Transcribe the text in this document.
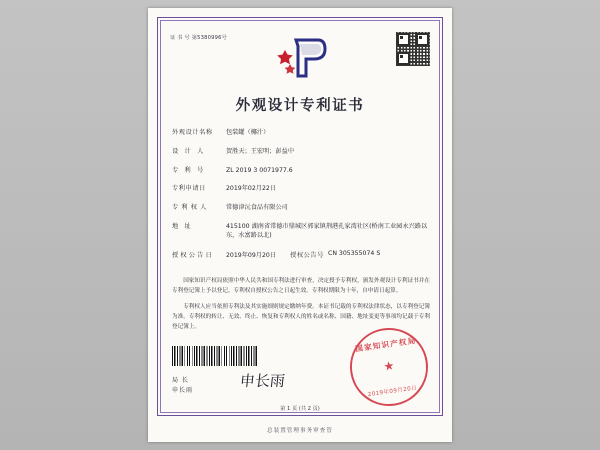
证 书 号 第5380996号
外观设计专利证书
外观设计名称	包装罐（椰汁）
设 计 人	贺胜天；王宏明；彭益中
专 利 号	ZL 2019 3 0071977.6
专利申请日	2019年02月22日
专 利 权 人	常德津沅食品有限公司
地 址	415100 湖南省常德市鼎城区郭家镇荆港孔家湾社区(桥南工业园永兴路以东，水富路以北)
授权公告日	2019年09月20日 授权公告号 CN 305355074 S

国家知识产权局依照中华人民共和国专利法进行审查，决定授予专利权，颁发外观设计专利证书并在专利登记簿上予以登记。专利权自授权公告之日起生效。专利权期限为十年，自申请日起算。

专利权人应当依照专利法及其实施细则规定缴纳年费。本证书记载的专利权法律状态，以专利登记簿为准。专利权的转让、无效、终止、恢复和专利权人的姓名或名称、国籍、地址变更等事项均记载于专利登记簿上。

局 长
申长雨
申长雨
国家知识产权局
★
2019年09月20日
第 1 页 (共 2 页)
总装置管理事务审查管
